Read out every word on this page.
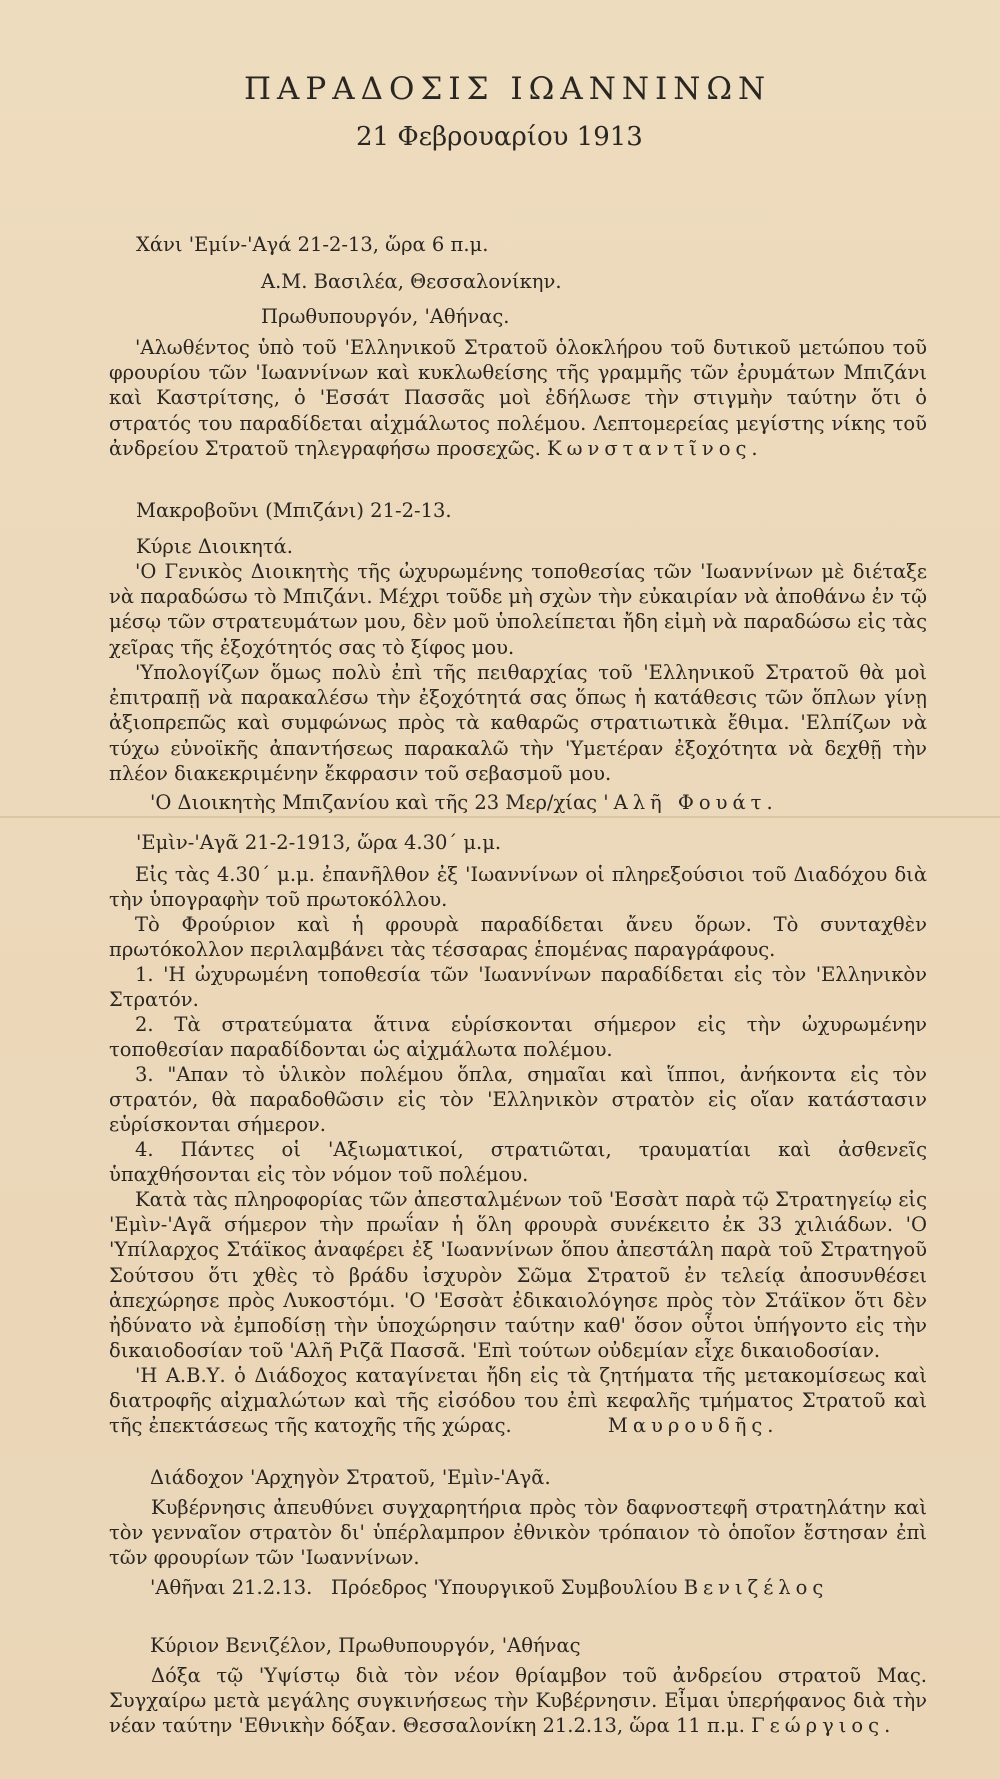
ΠΑΡΑΔΟΣΙΣ ΙΩΑΝΝΙΝΩΝ
21 Φεβρουαρίου 1913
Χάνι 'Εμίν-'Αγά 21-2-13, ὥρα 6 π.μ.
Α.Μ. Βασιλέα, Θεσσαλονίκην.
Πρωθυπουργόν, 'Αθήνας.

'Αλωθέντος ὑπὸ τοῦ 'Ελληνικοῦ Στρατοῦ ὁλοκλήρου τοῦ δυτικοῦ μετώπου τοῦ φρουρίου τῶν 'Ιωαννίνων καὶ κυκλωθείσης τῆς γραμμῆς τῶν ἐρυμάτων Μπιζάνι καὶ Καστρίτσης, ὁ 'Εσσάτ Πασσᾶς μοὶ ἐδήλωσε τὴν στιγμὴν ταύτην ὅτι ὁ στρατός του παραδίδεται αἰχμάλωτος πολέμου. Λεπτομερείας μεγίστης νίκης τοῦ ἀνδρείου Στρατοῦ τηλεγραφήσω προσεχῶς. Κωνσταντῖνος.

Μακροβοῦνι (Μπιζάνι) 21-2-13.
Κύριε Διοικητά.

'Ο Γενικὸς Διοικητὴς τῆς ὠχυρωμένης τοποθεσίας τῶν 'Ιωαννίνων μὲ διέταξε νὰ παραδώσω τὸ Μπιζάνι. Μέχρι τοῦδε μὴ σχὼν τὴν εὐκαιρίαν νὰ ἀποθάνω ἐν τῷ μέσῳ τῶν στρατευμάτων μου, δὲν μοῦ ὑπολείπεται ἤδη εἰμὴ νὰ παραδώσω εἰς τὰς χεῖρας τῆς ἐξοχότητός σας τὸ ξίφος μου.

'Υπολογίζων ὅμως πολὺ ἐπὶ τῆς πειθαρχίας τοῦ 'Ελληνικοῦ Στρατοῦ θὰ μοὶ ἐπιτραπῇ νὰ παρακαλέσω τὴν ἐξοχότητά σας ὅπως ἡ κατάθεσις τῶν ὅπλων γίνῃ ἀξιοπρεπῶς καὶ συμφώνως πρὸς τὰ καθαρῶς στρατιωτικὰ ἔθιμα. 'Ελπίζων νὰ τύχω εὐνοϊκῆς ἀπαντήσεως παρακαλῶ τὴν 'Υμετέραν ἐξοχότητα νὰ δεχθῇ τὴν πλέον διακεκριμένην ἔκφρασιν τοῦ σεβασμοῦ μου.

'Ο Διοικητὴς Μπιζανίου καὶ τῆς 23 Μερ/χίας 'Αλῆ Φουάτ.
'Εμὶν-'Αγᾶ 21-2-1913, ὥρα 4.30΄ μ.μ.

Εἰς τὰς 4.30΄ μ.μ. ἐπανῆλθον ἐξ 'Ιωαννίνων οἱ πληρεξούσιοι τοῦ Διαδόχου διὰ τὴν ὑπογραφὴν τοῦ πρωτοκόλλου.

Τὸ Φρούριον καὶ ἡ φρουρὰ παραδίδεται ἄνευ ὅρων. Τὸ συνταχθὲν πρωτόκολλον περιλαμβάνει τὰς τέσσαρας ἑπομένας παραγράφους.

1. 'Η ὠχυρωμένη τοποθεσία τῶν 'Ιωαννίνων παραδίδεται εἰς τὸν 'Ελληνικὸν Στρατόν.

2. Τὰ στρατεύματα ἅτινα εὑρίσκονται σήμερον εἰς τὴν ὠχυρωμένην τοποθεσίαν παραδίδονται ὡς αἰχμάλωτα πολέμου.

3. "Απαν τὸ ὑλικὸν πολέμου ὅπλα, σημαῖαι καὶ ἵπποι, ἀνήκοντα εἰς τὸν στρατόν, θὰ παραδοθῶσιν εἰς τὸν 'Ελληνικὸν στρατὸν εἰς οἵαν κατάστασιν εὑρίσκονται σήμερον.

4. Πάντες οἱ 'Αξιωματικοί, στρατιῶται, τραυματίαι καὶ ἀσθενεῖς ὑπαχθήσονται εἰς τὸν νόμον τοῦ πολέμου.

Κατὰ τὰς πληροφορίας τῶν ἀπεσταλμένων τοῦ 'Εσσὰτ παρὰ τῷ Στρατηγείῳ εἰς 'Εμὶν-'Αγᾶ σήμερον τὴν πρωΐαν ἡ ὅλη φρουρὰ συνέκειτο ἐκ 33 χιλιάδων. 'Ο 'Υπίλαρχος Στάϊκος ἀναφέρει ἐξ 'Ιωαννίνων ὅπου ἀπεστάλη παρὰ τοῦ Στρατηγοῦ Σούτσου ὅτι χθὲς τὸ βράδυ ἰσχυρὸν Σῶμα Στρατοῦ ἐν τελείᾳ ἀποσυνθέσει ἀπεχώρησε πρὸς Λυκοστόμι. 'Ο 'Εσσὰτ ἐδικαιολόγησε πρὸς τὸν Στάϊκον ὅτι δὲν ἠδύνατο νὰ ἐμποδίσῃ τὴν ὑποχώρησιν ταύτην καθ' ὅσον οὗτοι ὑπήγοντο εἰς τὴν δικαιοδοσίαν τοῦ 'Αλῆ Ριζᾶ Πασσᾶ. 'Επὶ τούτων οὐδεμίαν εἶχε δικαιοδοσίαν.

'Η Α.Β.Υ. ὁ Διάδοχος καταγίνεται ἤδη εἰς τὰ ζητήματα τῆς μετακομίσεως καὶ διατροφῆς αἰχμαλώτων καὶ τῆς εἰσόδου του ἐπὶ κεφαλῆς τμήματος Στρατοῦ καὶ τῆς ἐπεκτάσεως τῆς κατοχῆς τῆς χώρας.	Μαυρουδῆς.

Διάδοχον 'Αρχηγὸν Στρατοῦ, 'Εμὶν-'Αγᾶ.

Κυβέρνησις ἀπευθύνει συγχαρητήρια πρὸς τὸν δαφνοστεφῆ στρατηλάτην καὶ τὸν γενναῖον στρατὸν δι' ὑπέρλαμπρον ἐθνικὸν τρόπαιον τὸ ὁποῖον ἔστησαν ἐπὶ τῶν φρουρίων τῶν 'Ιωαννίνων.

'Αθῆναι 21.2.13.   Πρόεδρος 'Υπουργικοῦ Συμβουλίου Βενιζέλος
Κύριον Βενιζέλον, Πρωθυπουργόν, 'Αθήνας

Δόξα τῷ 'Υψίστῳ διὰ τὸν νέον θρίαμβον τοῦ ἀνδρείου στρατοῦ Μας. Συγχαίρω μετὰ μεγάλης συγκινήσεως τὴν Κυβέρνησιν. Εἶμαι ὑπερήφανος διὰ τὴν νέαν ταύτην 'Εθνικὴν δόξαν. Θεσσαλονίκη 21.2.13, ὥρα 11 π.μ. Γεώργιος.
